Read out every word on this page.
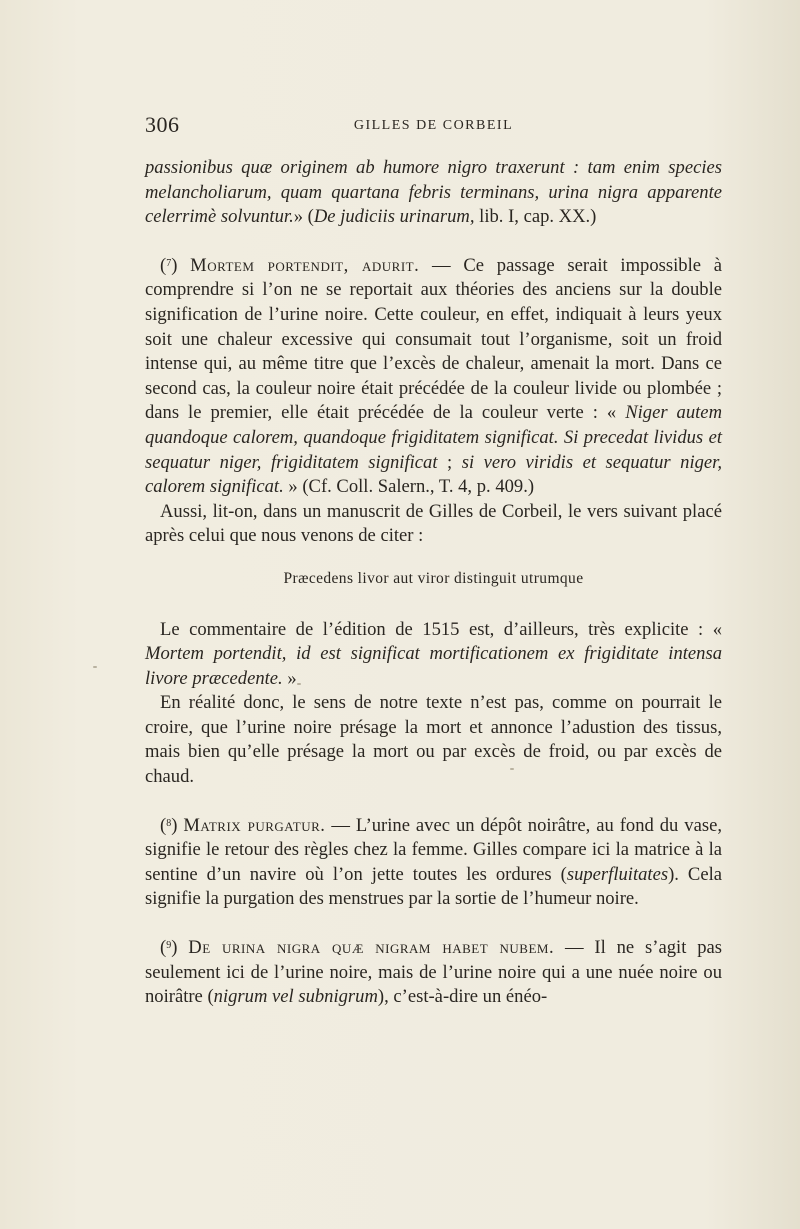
306	GILLES DE CORBEIL

passionibus quæ originem ab humore nigro traxerunt : tam enim species melancholiarum, quam quartana febris terminans, urina nigra apparente celerrimè solvuntur.» (De judiciis urinarum, lib. I, cap. XX.)

($^7$) Mortem portendit, adurit. — Ce passage serait impossible à comprendre si l’on ne se reportait aux théories des anciens sur la double signification de l’urine noire. Cette couleur, en effet, indiquait à leurs yeux soit une chaleur excessive qui consumait tout l’organisme, soit un froid intense qui, au même titre que l’excès de chaleur, amenait la mort. Dans ce second cas, la couleur noire était précédée de la couleur livide ou plombée ; dans le premier, elle était précédée de la couleur verte : « Niger autem quandoque calorem, quandoque frigiditatem significat. Si precedat lividus et sequatur niger, frigiditatem significat ; si vero viridis et sequatur niger, calorem significat. » (Cf. Coll. Salern., T. 4, p. 409.)

Aussi, lit-on, dans un manuscrit de Gilles de Corbeil, le vers suivant placé après celui que nous venons de citer :

Præcedens livor aut viror distinguit utrumque

Le commentaire de l’édition de 1515 est, d’ailleurs, très explicite : « Mortem portendit, id est significat mortificationem ex frigiditate intensa livore præcedente. »

En réalité donc, le sens de notre texte n’est pas, comme on pourrait le croire, que l’urine noire présage la mort et annonce l’adustion des tissus, mais bien qu’elle présage la mort ou par excès de froid, ou par excès de chaud.

($^8$) Matrix purgatur. — L’urine avec un dépôt noirâtre, au fond du vase, signifie le retour des règles chez la femme. Gilles compare ici la matrice à la sentine d’un navire où l’on jette toutes les ordures (superfluitates). Cela signifie la purgation des menstrues par la sortie de l’humeur noire.

($^9$) De urina nigra quæ nigram habet nubem. — Il ne s’agit pas seulement ici de l’urine noire, mais de l’urine noire qui a une nuée noire ou noirâtre (nigrum vel subnigrum), c’est-à-dire un énéo-
